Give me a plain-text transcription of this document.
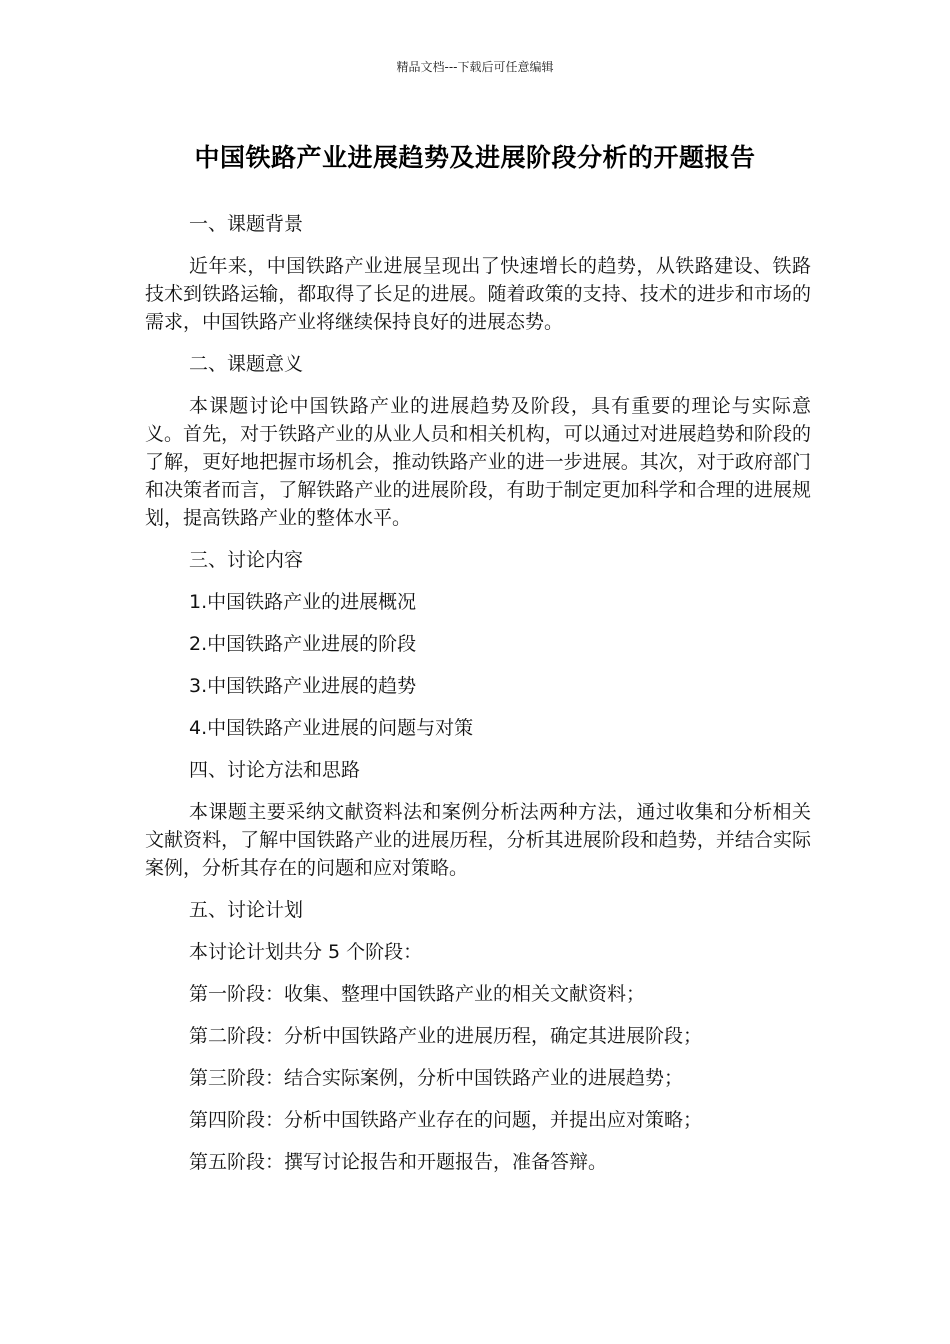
精品文档---下载后可任意编辑
中国铁路产业进展趋势及进展阶段分析的开题报告

一、课题背景

近年来，中国铁路产业进展呈现出了快速增长的趋势，从铁路建设、铁路技术到铁路运输，都取得了长足的进展。随着政策的支持、技术的进步和市场的需求，中国铁路产业将继续保持良好的进展态势。

二、课题意义

本课题讨论中国铁路产业的进展趋势及阶段，具有重要的理论与实际意义。首先，对于铁路产业的从业人员和相关机构，可以通过对进展趋势和阶段的了解，更好地把握市场机会，推动铁路产业的进一步进展。其次，对于政府部门和决策者而言，了解铁路产业的进展阶段，有助于制定更加科学和合理的进展规划，提高铁路产业的整体水平。

三、讨论内容

1.中国铁路产业的进展概况

2.中国铁路产业进展的阶段

3.中国铁路产业进展的趋势

4.中国铁路产业进展的问题与对策

四、讨论方法和思路

本课题主要采纳文献资料法和案例分析法两种方法，通过收集和分析相关文献资料，了解中国铁路产业的进展历程，分析其进展阶段和趋势，并结合实际案例，分析其存在的问题和应对策略。

五、讨论计划

本讨论计划共分 5 个阶段：

第一阶段：收集、整理中国铁路产业的相关文献资料；

第二阶段：分析中国铁路产业的进展历程，确定其进展阶段；

第三阶段：结合实际案例，分析中国铁路产业的进展趋势；

第四阶段：分析中国铁路产业存在的问题，并提出应对策略；

第五阶段：撰写讨论报告和开题报告，准备答辩。
